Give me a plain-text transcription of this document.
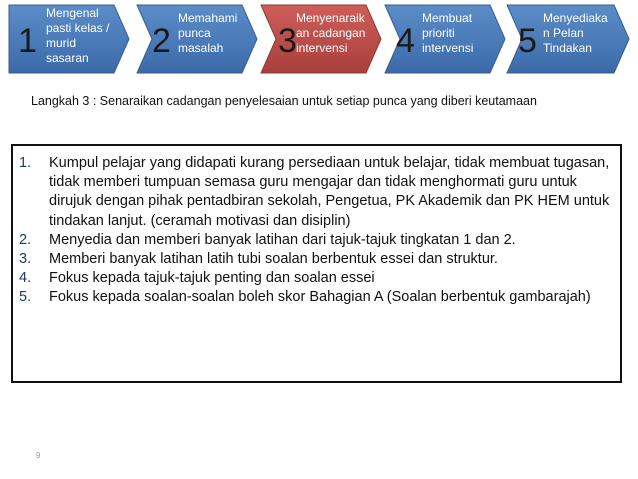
1
Mengenal
pasti kelas /
murid
sasaran	2
Memahami
punca
masalah	3
Menyenaraik
an cadangan
intervensi	4
Membuat
prioriti
intervensi 5
Menyediaka
n Pelan
Tindakan
Langkah 3 : Senaraikan cadangan penyelesaian untuk setiap punca yang diberi keutamaan
1. Kumpul pelajar yang didapati kurang persediaan untuk belajar, tidak membuat tugasan, tidak memberi tumpuan semasa guru mengajar dan tidak menghormati guru untuk dirujuk dengan pihak pentadbiran sekolah, Pengetua, PK Akademik dan PK HEM untuk tindakan lanjut. (ceramah motivasi dan disiplin)
2. Menyedia dan memberi banyak latihan dari tajuk-tajuk tingkatan 1 dan 2.
3. Memberi banyak latihan latih tubi soalan berbentuk essei dan struktur.
4. Fokus kepada tajuk-tajuk penting dan soalan essei
5. Fokus kepada soalan-soalan boleh skor Bahagian A (Soalan berbentuk gambarajah)
9
